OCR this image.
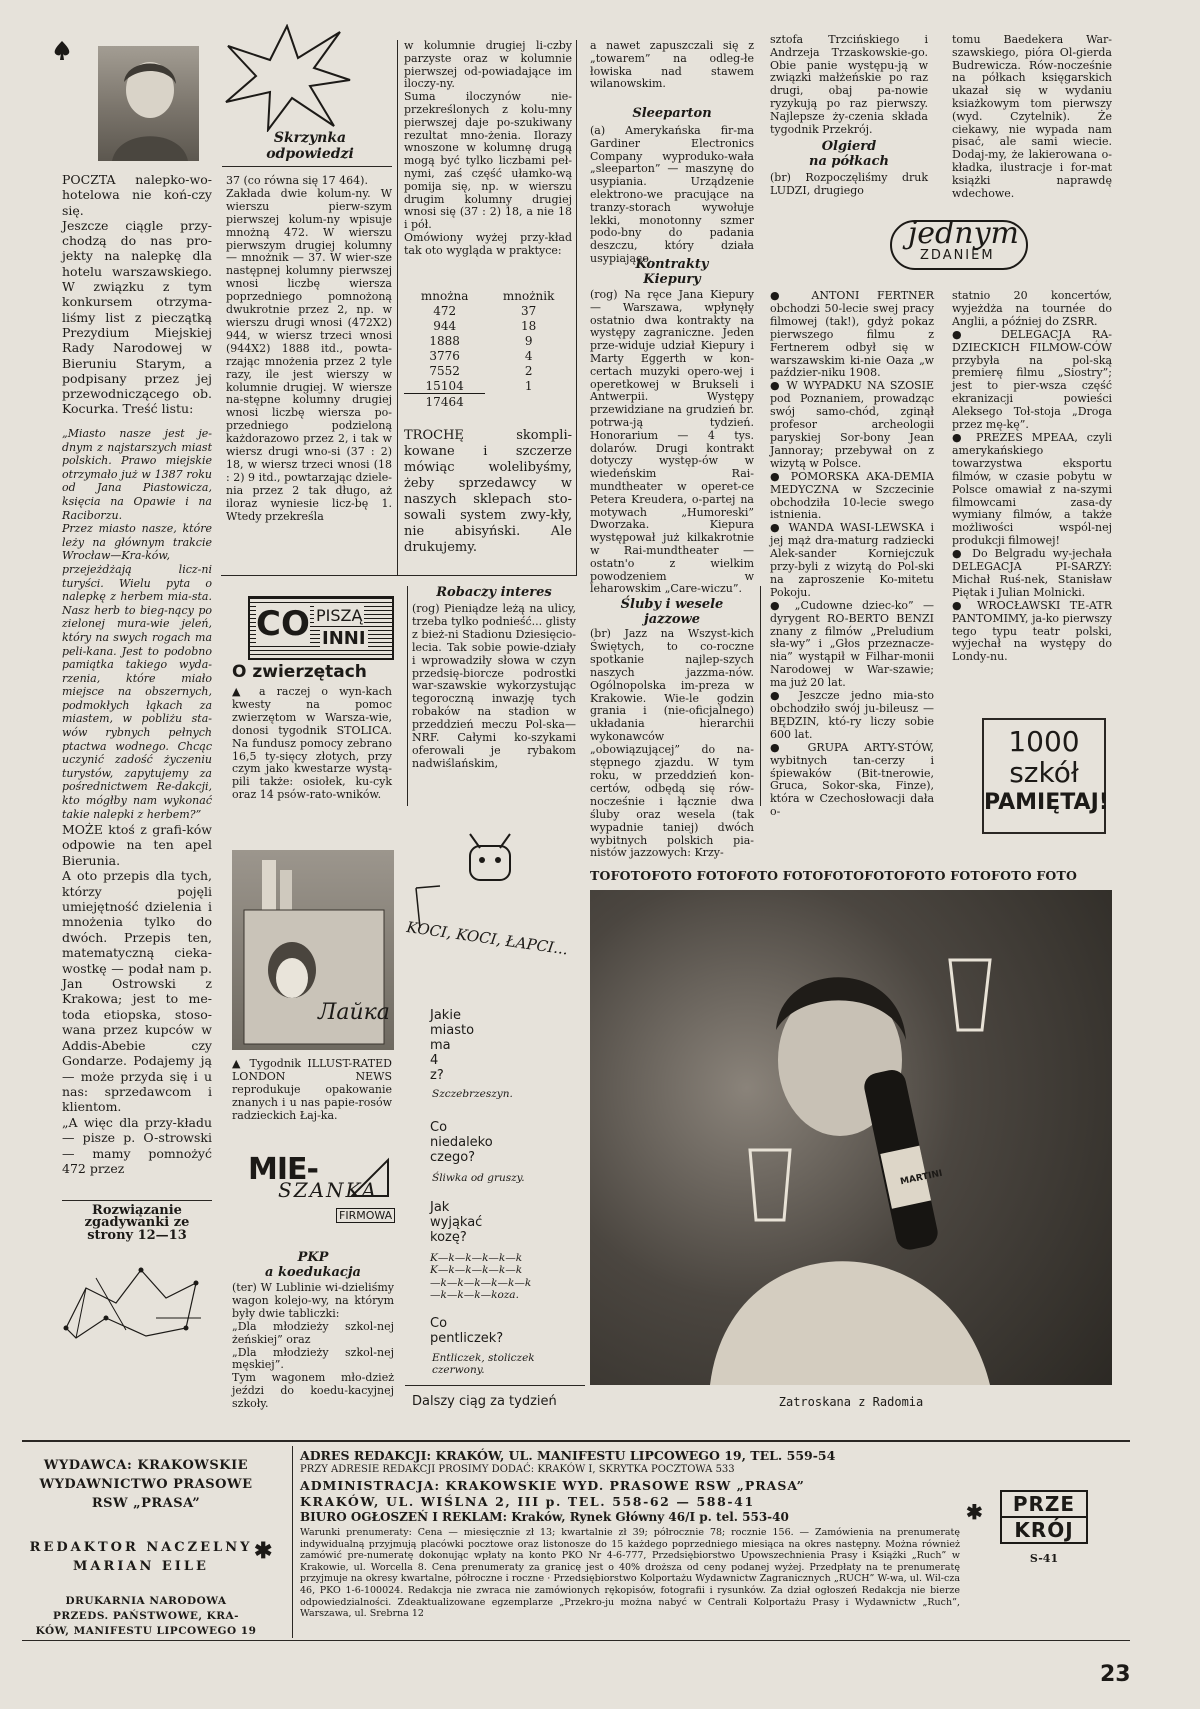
Skrzynka
odpowiedzi
POCZTA nalepko-wo-hotelowa nie koń-czy się.
Jeszcze ciągle przy-chodzą do nas pro-jekty na nalepkę dla hotelu warszawskiego. W związku z tym konkursem otrzyma-liśmy list z pieczątką Prezydium Miejskiej Rady Narodowej w Bieruniu Starym, a podpisany przez jej przewodniczącego ob. Kocurka. Treść listu:
„Miasto nasze jest je-dnym z najstarszych miast polskich. Prawo miejskie otrzymało już w 1387 roku od Jana Piastowicza, księcia na Opawie i na Raciborzu.
Przez miasto nasze, które leży na głównym trakcie Wrocław—Kra-ków, przejeżdżają licz-ni turyści. Wielu pyta o nalepkę z herbem mia-sta. Nasz herb to bieg-nący po zielonej mura-wie jeleń, który na swych rogach ma peli-kana. Jest to podobno pamiątka takiego wyda-rzenia, które miało miejsce na obszernych, podmokłych łąkach za miastem, w pobliżu sta-wów rybnych pełnych ptactwa wodnego. Chcąc uczynić zadość życzeniu turystów, zapytujemy za pośrednictwem Re-dakcji, kto mógłby nam wykonać takie nalepki z herbem?”
MOŻE ktoś z grafi-ków odpowie na ten apel Bierunia.
A oto przepis dla tych, którzy pojęli umiejętność dzielenia i mnożenia tylko do dwóch. Przepis ten, matematyczną cieka-wostkę — podał nam p. Jan Ostrowski z Krakowa; jest to me-toda etiopska, stoso-wana przez kupców w Addis-Abebie czy Gondarze. Podajemy ją — może przyda się i u nas: sprzedawcom i klientom.
„A więc dla przy-kładu — pisze p. O-strowski — mamy pomnożyć 472 przez
Rozwiązanie zgadywanki ze strony 12—13
37 (co równa się 17 464).
Zakłada dwie kolum-ny. W wierszu pierw-szym pierwszej kolum-ny wpisuje mnożną 472. W wierszu pierwszym drugiej kolumny — mnożnik — 37. W wier-sze następnej kolumny pierwszej wnosi liczbę wiersza poprzedniego pomnożoną dwukrotnie przez 2, np. w wierszu drugi wnosi (472X2) 944, w wiersz trzeci wnosi (944X2) 1888 itd., powta-rzając mnożenia przez 2 tyle razy, ile jest wierszy w kolumnie drugiej. W wiersze na-stępne kolumny drugiej wnosi liczbę wiersza po-przedniego podzieloną każdorazowo przez 2, i tak w wiersz drugi wno-si (37 : 2) 18, w wiersz trzeci wnosi (18 : 2) 9 itd., powtarzając dziele-nia przez 2 tak długo, aż iloraz wyniesie licz-bę 1. Wtedy przekreśla
w kolumnie drugiej li-czby parzyste oraz w kolumnie pierwszej od-powiadające im iloczy-ny.
Suma iloczynów nie-przekreślonych z kolu-mny pierwszej daje po-szukiwany rezultat mno-żenia. Ilorazy wnoszone w kolumnę drugą mogą być tylko liczbami peł-nymi, zaś część ułamko-wą pomija się, np. w wierszu drugim kolumny drugiej wnosi się (37 : 2) 18, a nie 18 i pół.
Omówiony wyżej przy-kład tak oto wygląda w praktyce:
mnożna	mnożnik
472	37
944	18
1888	9
3776	4
7552	2
15104	1
17464	
TROCHĘ skompli-kowane i szczerze mówiąc wolelibyśmy, żeby sprzedawcy w naszych sklepach sto-sowali system zwy-kły, nie abisyński. Ale drukujemy.
a nawet zapuszczali się z „towarem” na odleg-łe łowiska nad stawem wilanowskim.
Sleeparton
(a) Amerykańska fir-ma Gardiner Electronics Company wyproduko-wała „sleeparton” — maszynę do usypiania. Urządzenie elektrono-we pracujące na tranzy-storach wywołuje lekki, monotonny szmer podo-bny do padania deszczu, który działa usypiająco.
Kontrakty
Kiepury
(rog) Na ręce Jana Kiepury — Warszawa, wpłynęły ostatnio dwa kontrakty na występy zagraniczne. Jeden prze-widuje udział Kiepury i Marty Eggerth w kon-certach muzyki opero-wej i operetkowej w Brukseli i Antwerpii. Występy przewidziane na grudzień br. potrwa-ją tydzień. Honorarium — 4 tys. dolarów. Drugi kontrakt dotyczy występ-ów w wiedeńskim Rai-mundtheater w operet-ce Petera Kreudera, o-partej na motywach „Humoreski” Dworzaka. Kiepura występował już kilkakrotnie w Rai-mundtheater — ostatn'o z wielkim powodzeniem w leharowskim „Care-wiczu”.
sztofa Trzcińskiego i Andrzeja Trzaskowskie-go. Obie panie występu-ją w związki małżeńskie po raz drugi, obaj pa-nowie ryzykują po raz pierwszy. Najlepsze ży-czenia składa tygodnik Przekrój.
Olgierd
na półkach
(br) Rozpoczęliśmy druk LUDZI, drugiego
tomu Baedekera War-szawskiego, pióra Ol-gierda Budrewicza. Rów-nocześnie na półkach księgarskich ukazał się w wydaniu ksiażkowym tom pierwszy (wyd. Czytelnik). Że ciekawy, nie wypada nam pisać, ale sami wiecie. Dodaj-my, że lakierowana o-kładka, ilustracje i for-mat książki naprawdę wdechowe.
jednym
ZDANIEM
● ANTONI FERTNER obchodzi 50-lecie swej pracy filmowej (tak!), gdyż pokaz pierwszego filmu z Fertnerem odbył się w warszawskim ki-nie Oaza „w paździer-niku 1908.
● W WYPADKU NA SZOSIE pod Poznaniem, prowadząc swój samo-chód, zginął profesor archeologii paryskiej Sor-bony Jean Jannoray; przebywał on z wizytą w Polsce.
● POMORSKA AKA-DEMIA MEDYCZNA w Szczecinie obchodziła 10-lecie swego istnienia.
● WANDA WASI-LEWSKA i jej mąż dra-maturg radziecki Alek-sander Korniejczuk przy-byli z wizytą do Pol-ski na zaproszenie Ko-mitetu Pokoju.
● „Cudowne dziec-ko” — dyrygent RO-BERTO BENZI znany z filmów „Preludium sła-wy” i „Głos przeznacze-nia” wystąpił w Filhar-monii Narodowej w War-szawie; ma już 20 lat.
● Jeszcze jedno mia-sto obchodziło swój ju-bileusz — BĘDZIN, któ-ry liczy sobie 600 lat.
● GRUPA ARTY-STÓW, wybitnych tan-cerzy i śpiewaków (Bit-tnerowie, Gruca, Sokor-ska, Finze), która w Czechosłowacji dała o-
statnio 20 koncertów, wyjeżdża na tournée do Anglii, a później do ZSRR.
● DELEGACJA RA-DZIECKICH FILMOW-CÓW przybyła na pol-ską premierę filmu „Siostry”; jest to pier-wsza część ekranizacji powieści Aleksego Toł-stoja „Droga przez mę-kę”.
● PREZES MPEAA, czyli amerykańskiego towarzystwa eksportu filmów, w czasie pobytu w Polsce omawiał z na-szymi filmowcami zasa-dy wymiany filmów, a także możliwości wspól-nej produkcji filmowej!
● Do Belgradu wy-jechała DELEGACJA PI-SARZY: Michał Ruś-nek, Stanisław Piętak i Julian Molnicki.
● WROCŁAWSKI TE-ATR PANTOMIMY, ja-ko pierwszy tego typu teatr polski, wyjechał na występy do Londy-nu.
1000
szkół
PAMIĘTAJ!
CO PISZĄ
INNI
O zwierzętach
▲ a raczej o wyn-kach kwesty na pomoc zwierzętom w Warsza-wie, donosi tygodnik STOLICA. Na fundusz pomocy zebrano 16,5 ty-sięcy złotych, przy czym jako kwestarze wystą-pili także: osiołek, ku-cyk oraz 14 psów-rato-wników.
Лайка
▲ Tygodnik ILLUST-RATED LONDON NEWS reprodukuje opakowanie znanych i u nas papie-rosów radzieckich Łaj-ka.
MIE-
SZANKA
FIRMOWA
PKP
a koedukacja
(ter) W Lublinie wi-dzieliśmy wagon kolejo-wy, na którym były dwie tabliczki:
„Dla młodzieży szkol-nej żeńskiej” oraz
„Dla młodzieży szkol-nej męskiej”.
Tym wagonem mło-dzież jeździ do koedu-kacyjnej szkoły.
Robaczy interes
(rog) Pieniądze leżą na ulicy, trzeba tylko podnieść... glisty z bież-ni Stadionu Dziesięcio-lecia. Tak sobie powie-działy i wprowadziły słowa w czyn przedsię-biorcze podrostki war-szawskie wykorzystując tegoroczną inwazję tych robaków na stadion w przeddzień meczu Pol-ska—NRF. Całymi ko-szykami oferowali je rybakom nadwiślańskim,
Śluby i wesele
jazzowe
(br) Jazz na Wszyst-kich Świętych, to co-roczne spotkanie najlep-szych naszych jazzma-nów. Ogólnopolska im-preza w Krakowie. Wie-le godzin grania i (nie-oficjalnego) układania hierarchii wykonawców „obowiązującej” do na-stępnego zjazdu. W tym roku, w przeddzień kon-certów, odbędą się rów-nocześnie i łącznie dwa śluby oraz wesela (tak wypadnie taniej) dwóch wybitnych polskich pia-nistów jazzowych: Krzy-
KOCI, KOCI, ŁAPCI...
Jakie
miasto
ma
4
z?
Szczebrzeszyn.
Co
niedaleko
czego?
Śliwka od gruszy.
Jak
wyjąkać
kozę?
K—k—k—k—k—k
K—k—k—k—k—k
—k—k—k—k—k—k
—k—k—k—koza.
Co
pentliczek?
Entliczek, stoliczek
czerwony.
Dalszy ciąg za tydzień
TOFOTOFOTO FOTOFOTO FOTOFOTOFOTOFOTO FOTOFOTO FOTO
MARTINI
Zatroskana z Radomia
WYDAWCA: KRAKOWSKIE
WYDAWNICTWO PRASOWE
RSW „PRASA”
REDAKTOR NACZELNY
MARIAN EILE
✱
DRUKARNIA NARODOWA
PRZEDS. PAŃSTWOWE, KRA-
KÓW, MANIFESTU LIPCOWEGO 19
ADRES REDAKCJI: KRAKÓW, UL. MANIFESTU LIPCOWEGO 19, TEL. 559-54
PRZY ADRESIE REDAKCJI PROSIMY DODAĆ: KRAKÓW I, SKRYTKA POCZTOWA 533
ADMINISTRACJA: KRAKOWSKIE WYD. PRASOWE RSW „PRASA”
KRAKÓW, UL. WIŚLNA 2, III p. TEL. 558-62 — 588-41
BIURO OGŁOSZEŃ I REKLAM: Kraków, Rynek Główny 46/I p. tel. 553-40
Warunki prenumeraty: Cena — miesięcznie zł 13; kwartalnie zł 39; półrocznie 78; rocznie 156. — Zamówienia na prenumeratę indywidualną przyjmują placówki pocztowe oraz listonosze do 15 każdego poprzedniego miesiąca na okres następny. Można również zamówić pre-numeratę dokonując wpłaty na konto PKO Nr 4-6-777, Przedsiębiorstwo Upowszechnienia Prasy i Książki „Ruch” w Krakowie, ul. Worcella 8. Cena prenumeraty za granicę jest o 40% droższa od ceny podanej wyżej. Przedpłaty na te prenumeratę przyjmuje na okresy kwartalne, półroczne i roczne · Przedsiębiorstwo Kolportażu Wydawnictw Zagranicznych „RUCH” W-wa, ul. Wil-cza 46, PKO 1-6-100024. Redakcja nie zwraca nie zamówionych rękopisów, fotografii i rysunków. Za dział ogłoszeń Redakcja nie bierze odpowiedzialności. Zdeaktualizowane egzemplarze „Przekro-ju można nabyć w Centrali Kolportażu Prasy i Wydawnictw „Ruch”, Warszawa, ul. Srebrna 12
✱	PRZE
KRÓJ
S-41
23
